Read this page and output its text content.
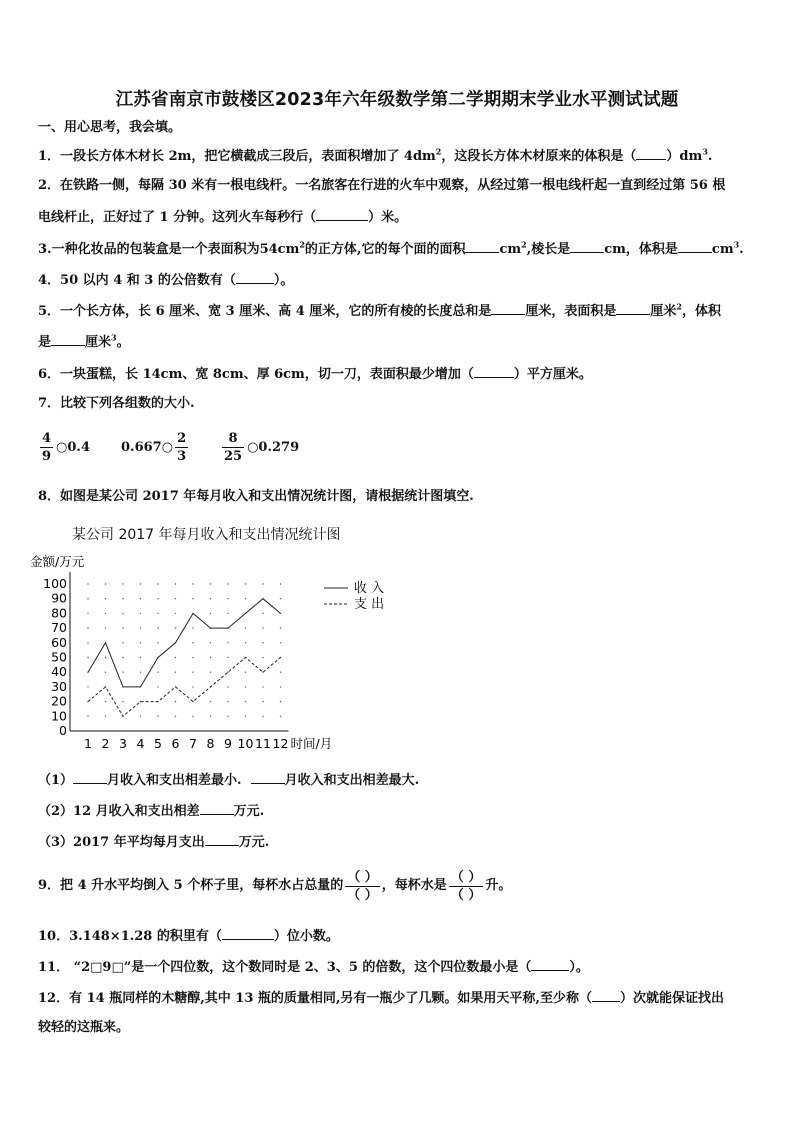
江苏省南京市鼓楼区2023年六年级数学第二学期期末学业水平测试试题
一、用心思考，我会填。
1．一段长方体木材长 2m，把它横截成三段后，表面积增加了 $4dm^2$，这段长方体木材原来的体积是（ ）$dm^3$.
2．在铁路一侧，每隔 30 米有一根电线杆。一名旅客在行进的火车中观察，从经过第一根电线杆起一直到经过第 56 根
电线杆止，正好过了 1 分钟。这列火车每秒行（	）米。
3.一种化妆品的包装盒是一个表面积为$54cm^2$的正方体,它的每个面的面积	$cm^2$,棱长是	cm，体积是	$cm^3$.
4．50 以内 4 和 3 的公倍数有（	）。
5．一个长方体，长 6 厘米、宽 3 厘米、高 4 厘米，它的所有棱的长度总和是	厘米，表面积是	厘米$^2$，体积
是	厘米$^3$。
6．一块蛋糕，长 14cm、宽 8cm、厚 6cm，切一刀，表面积最少增加（	）平方厘米。
7．比较下列各组数的大小.
$\frac{4}{9}$ ○0.4 0.667○ $\frac{2}{3}$	$\frac{8}{25}$ ○0.279
8．如图是某公司 2017 年每月收入和支出情况统计图，请根据统计图填空.
某公司 2017 年每月收入和支出情况统计图
0
10
20
30
40
50
60
70
80
90
100
1 2 3 4 5 6 7 8 9 10 11 12
金额/万元
时间/月
收 入
支 出
（1）	月收入和支出相差最小.	月收入和支出相差最大.
（2）12 月收入和支出相差	万元.
（3）2017 年平均每月支出	万元.
9．把 4 升水平均倒入 5 个杯子里，每杯水占总量的 $\frac{( )}{( )}$ ，每杯水是 $\frac{( )}{( )}$ 升。
10．3.148×1.28 的积里有（	）位小数。
11． “2□9□”是一个四位数，这个数同时是 2、3、5 的倍数，这个四位数最小是（	）。
12．有 14 瓶同样的木糖醇,其中 13 瓶的质量相同,另有一瓶少了几颗。如果用天平称,至少称（ ）次就能保证找出
较轻的这瓶来。
